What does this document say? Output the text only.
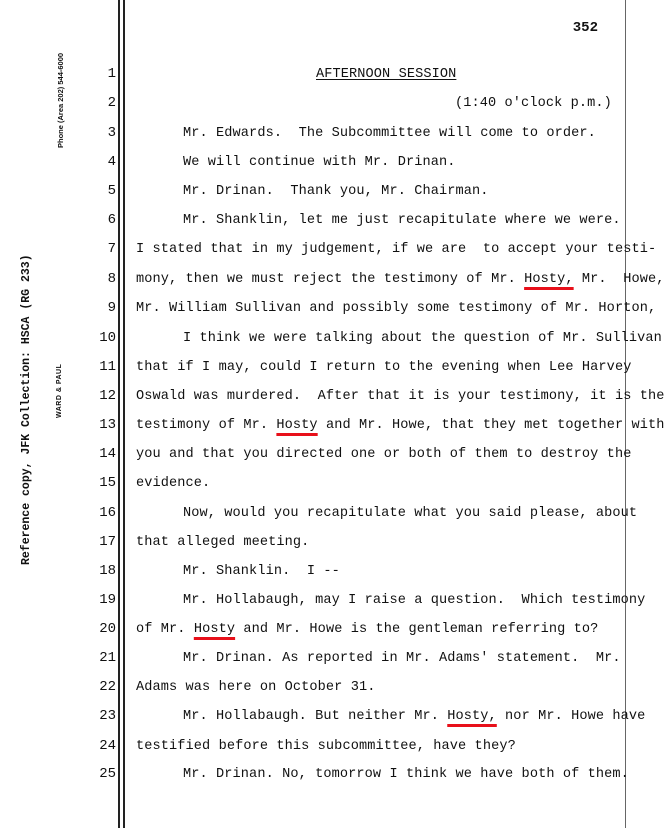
352
Reference copy, JFK Collection: HSCA (RG 233)
Phone (Area 202) 544-6000
WARD & PAUL
1
2
3
4
5
6
7
8
9
10
11
12
13
14
15
16
17
18
19
20
21
22
23
24
25
AFTERNOON SESSION
(1:40 o'clock p.m.)
Mr. Edwards.  The Subcommittee will come to order.
We will continue with Mr. Drinan.
Mr. Drinan.  Thank you, Mr. Chairman.
Mr. Shanklin, let me just recapitulate where we were.
I stated that in my judgement, if we are  to accept your testi-
mony, then we must reject the testimony of Mr. Hosty, Mr.  Howe,
Mr. William Sullivan and possibly some testimony of Mr. Horton,
I think we were talking about the question of Mr. Sullivan
that if I may, could I return to the evening when Lee Harvey
Oswald was murdered.  After that it is your testimony, it is the
testimony of Mr. Hosty and Mr. Howe, that they met together with
you and that you directed one or both of them to destroy the
evidence.
Now, would you recapitulate what you said please, about
that alleged meeting.
Mr. Shanklin.  I --
Mr. Hollabaugh, may I raise a question.  Which testimony
of Mr. Hosty and Mr. Howe is the gentleman referring to?
Mr. Drinan. As reported in Mr. Adams' statement.  Mr.
Adams was here on October 31.
Mr. Hollabaugh. But neither Mr. Hosty, nor Mr. Howe have
testified before this subcommittee, have they?
Mr. Drinan. No, tomorrow I think we have both of them.
